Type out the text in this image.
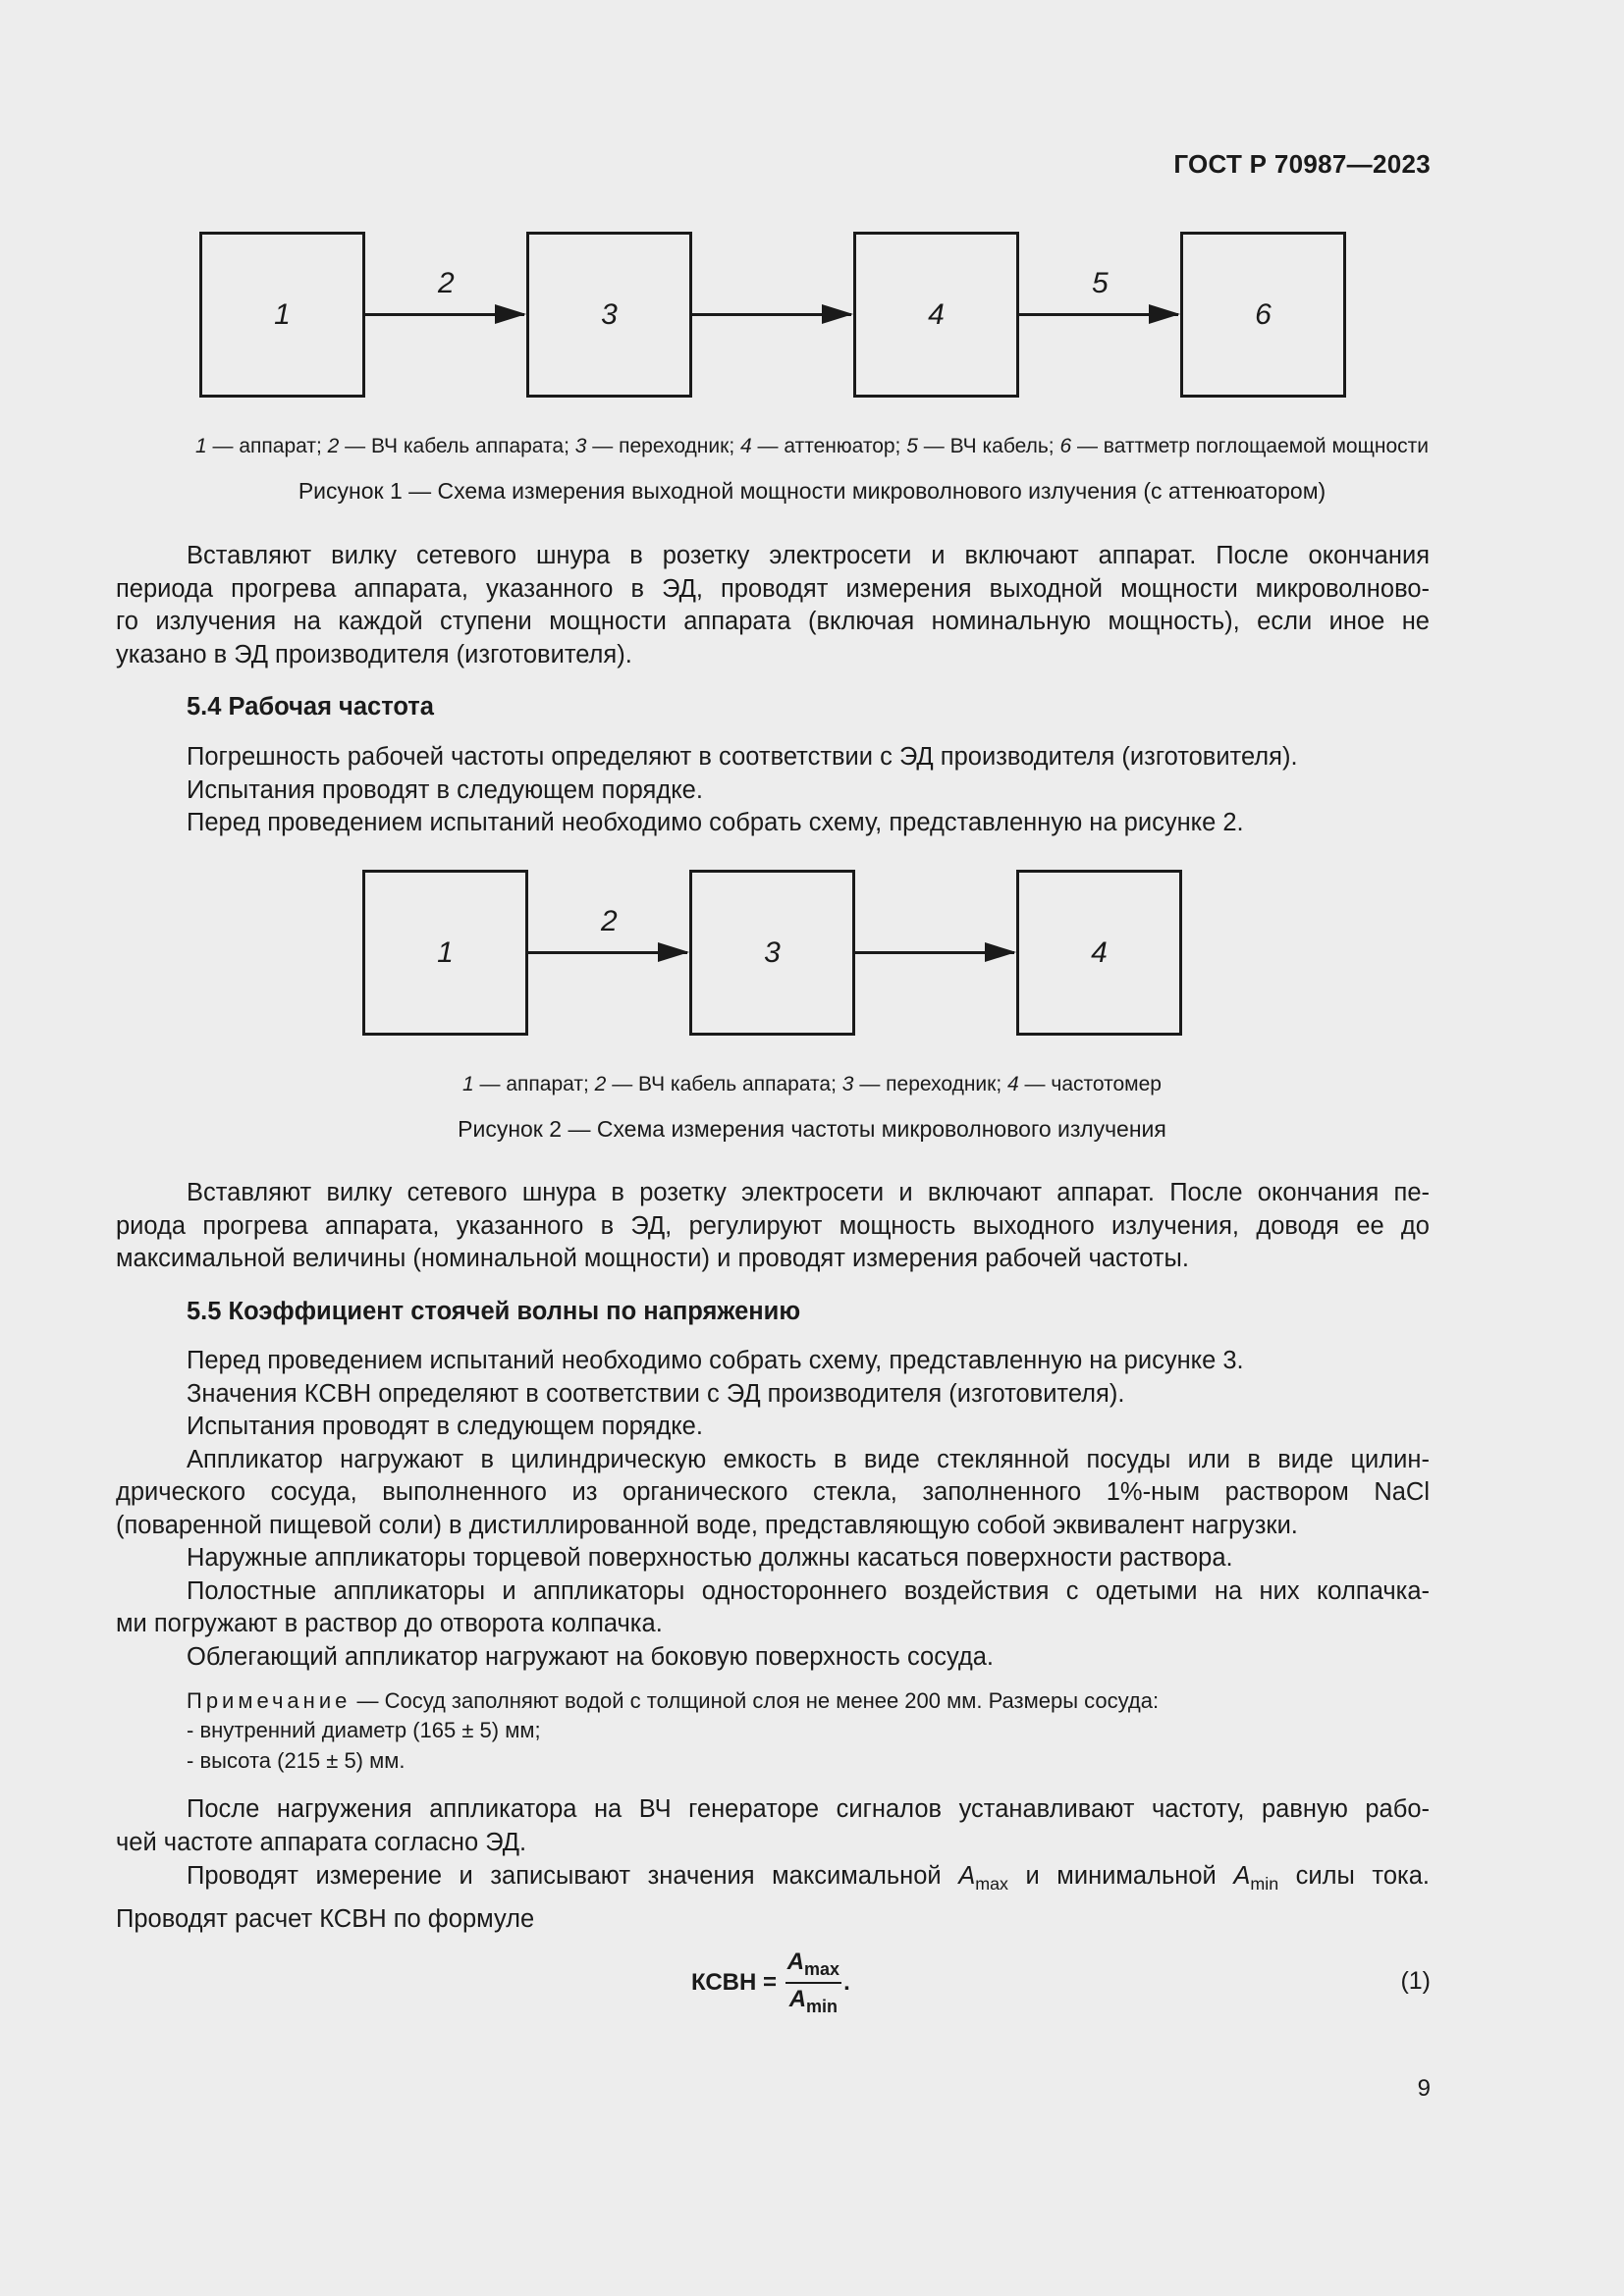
ГОСТ Р 70987—2023
1	3	4	6
2	5
1 — аппарат; 2 — ВЧ кабель аппарата; 3 — переходник; 4 — аттенюатор; 5 — ВЧ кабель; 6 — ваттметр поглощаемой мощности
Рисунок 1 — Схема измерения выходной мощности микроволнового излучения (с аттенюатором)
Вставляют вилку сетевого шнура в розетку электросети и включают аппарат. После окончания
периода прогрева аппарата, указанного в ЭД, проводят измерения выходной мощности микроволново-
го излучения на каждой ступени мощности аппарата (включая номинальную мощность), если иное не
указано в ЭД производителя (изготовителя).
5.4 Рабочая частота
Погрешность рабочей частоты определяют в соответствии с ЭД производителя (изготовителя).
Испытания проводят в следующем порядке.
Перед проведением испытаний необходимо собрать схему, представленную на рисунке 2.
1	3	4
2
1 — аппарат; 2 — ВЧ кабель аппарата; 3 — переходник; 4 — частотомер
Рисунок 2 — Схема измерения частоты микроволнового излучения
Вставляют вилку сетевого шнура в розетку электросети и включают аппарат. После окончания пе-
риода прогрева аппарата, указанного в ЭД, регулируют мощность выходного излучения, доводя ее до
максимальной величины (номинальной мощности) и проводят измерения рабочей частоты.
5.5 Коэффициент стоячей волны по напряжению
Перед проведением испытаний необходимо собрать схему, представленную на рисунке 3.
Значения КСВН определяют в соответствии с ЭД производителя (изготовителя).
Испытания проводят в следующем порядке.
Аппликатор нагружают в цилиндрическую емкость в виде стеклянной посуды или в виде цилин-
дрического сосуда, выполненного из органического стекла, заполненного 1%-ным раствором NaCl
(поваренной пищевой соли) в дистиллированной воде, представляющую собой эквивалент нагрузки.
Наружные аппликаторы торцевой поверхностью должны касаться поверхности раствора.
Полостные аппликаторы и аппликаторы одностороннего воздействия с одетыми на них колпачка-
ми погружают в раствор до отворота колпачка.
Облегающий аппликатор нагружают на боковую поверхность сосуда.
Примечание — Сосуд заполняют водой с толщиной слоя не менее 200 мм. Размеры сосуда:
- внутренний диаметр (165 ± 5) мм;
- высота (215 ± 5) мм.
После нагружения аппликатора на ВЧ генераторе сигналов устанавливают частоту, равную рабо-
чей частоте аппарата согласно ЭД.
Проводят измерение и записывают значения максимальной $A_{max}$ и минимальной $A_{min}$ силы тока.
Проводят расчет КСВН по формуле
КСВН = $\frac{A_{max}}{A_{min}}$ .	(1)
9
